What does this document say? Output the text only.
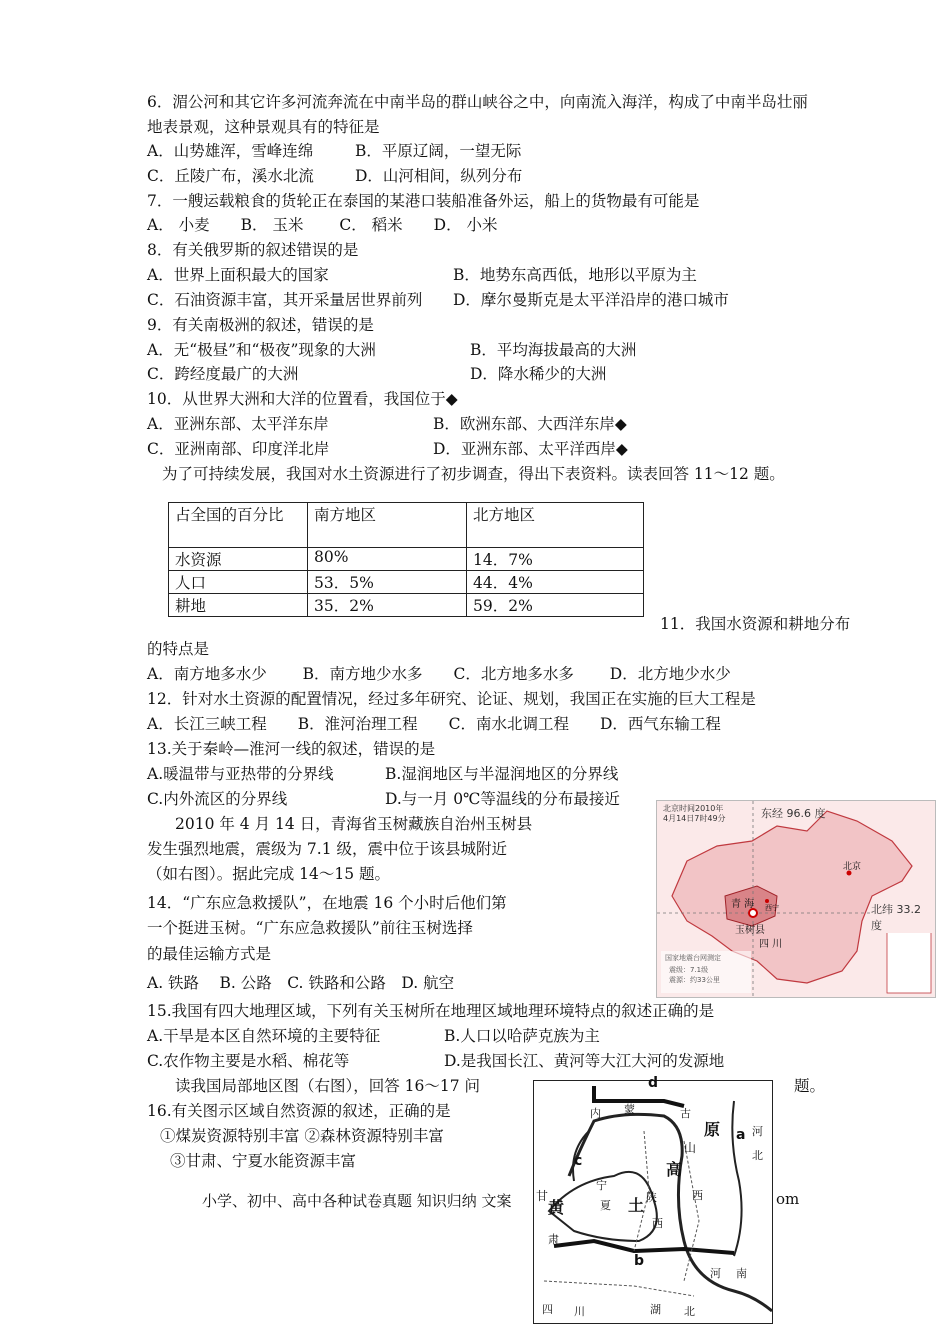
6．湄公河和其它许多河流奔流在中南半岛的群山峡谷之中，向南流入海洋，构成了中南半岛壮丽
地表景观，这种景观具有的特征是
A．山势雄浑，雪峰连绵	B．平原辽阔，一望无际
C．丘陵广布，溪水北流	D．山河相间，纵列分布
7．一艘运载粮食的货轮正在泰国的某港口装船准备外运，船上的货物最有可能是
A． 小麦　　B． 玉米　　 C． 稻米　　D． 小米
8．有关俄罗斯的叙述错误的是
A．世界上面积最大的国家	B．地势东高西低，地形以平原为主
C．石油资源丰富，其开采量居世界前列 D．摩尔曼斯克是太平洋沿岸的港口城市
9．有关南极洲的叙述，错误的是
A．无“极昼”和“极夜”现象的大洲	B．平均海拔最高的大洲
C．跨经度最广的大洲	D．降水稀少的大洲
10．从世界大洲和大洋的位置看，我国位于◆
A．亚洲东部、太平洋东岸	B．欧洲东部、大西洋东岸◆
C．亚洲南部、印度洋北岸	D．亚洲东部、太平洋西岸◆
为了可持续发展，我国对水土资源进行了初步调查，得出下表资料。读表回答 11～12 题。
占全国的百分比	南方地区	北方地区
水资源	80%	14．7%
人口	53．5%	44．4%
耕地	35．2%	59．2%
11．我国水资源和耕地分布
的特点是
A．南方地多水少　　 B．南方地少水多　　C．北方地多水多　　 D．北方地少水少
12．针对水土资源的配置情况，经过多年研究、论证、规划，我国正在实施的巨大工程是
A．长江三峡工程　　B．淮河治理工程　　C．南水北调工程　　D．西气东输工程
13.关于秦岭—淮河一线的叙述，错误的是
A.暖温带与亚热带的分界线	B.湿润地区与半湿润地区的分界线
C.内外流区的分界线	D.与一月 0℃等温线的分布最接近
2010 年 4 月 14 日，青海省玉树藏族自治州玉树县
发生强烈地震，震级为 7.1 级，震中位于该县城附近
（如右图）。据此完成 14～15 题。
14．“广东应急救援队”，在地震 16 个小时后他们第
一个挺进玉树。“广东应急救援队”前往玉树选择
的最佳运输方式是
A. 铁路　 B. 公路　C. 铁路和公路　D. 航空
北京时间2010年
4月14日7时49分	东经 96.6 度
北纬 33.2 度
北京
青 海 西宁
玉树县
四 川
国家地震台网测定
震级：7.1级
震源：约33公里
15.我国有四大地理区域，下列有关玉树所在地理区域地理环境特点的叙述正确的是
A.干旱是本区自然环境的主要特征	B.人口以哈萨克族为主
C.农作物主要是水稻、棉花等	D.是我国长江、黄河等大江大河的发源地
读我国局部地区图（右图），回答 16～17 问	题。
16.有关图示区域自然资源的叙述，正确的是
①煤炭资源特别丰富 ②森林资源特别丰富
③甘肃、宁夏水能资源丰富
小学、初中、高中各种试卷真题 知识归纳 文案	om
d
内 蒙	古
c
宁
夏 土
高
陕
山
原 a 河
北
西
甘
黄
肃
西
b
河 南
四 川	湖 北
